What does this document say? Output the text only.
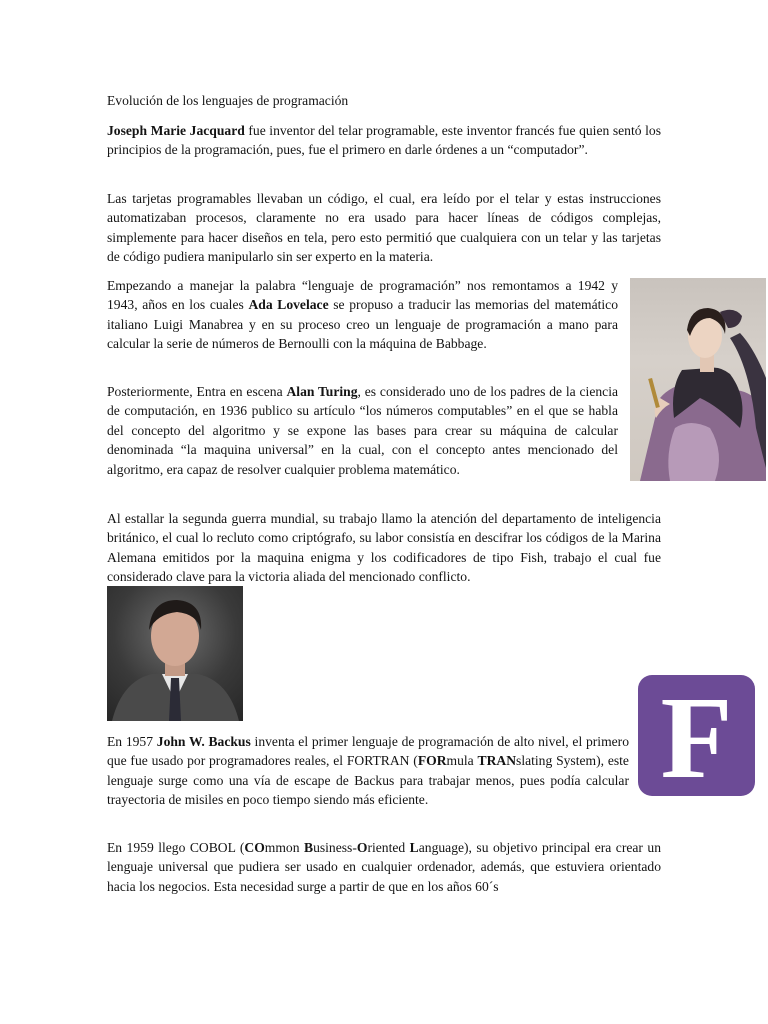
Evolución de los lenguajes de programación

Joseph Marie Jacquard fue inventor del telar programable, este inventor francés fue quien sentó los principios de la programación, pues, fue el primero en darle órdenes a un “computador”.

Las tarjetas programables llevaban un código, el cual, era leído por el telar y estas instrucciones automatizaban procesos, claramente no era usado para hacer líneas de códigos complejas, simplemente para hacer diseños en tela, pero esto permitió que cualquiera con un telar y las tarjetas de código pudiera manipularlo sin ser experto en la materia.

Empezando a manejar la palabra “lenguaje de programación” nos remontamos a 1942 y 1943, años en los cuales Ada Lovelace se propuso a traducir las memorias del matemático italiano Luigi Manabrea y en su proceso creo un lenguaje de programación a mano para calcular la serie de números de Bernoulli con la máquina de Babbage.

Posteriormente, Entra en escena Alan Turing, es considerado uno de los padres de la ciencia de computación, en 1936 publico su artículo “los números computables” en el que se habla del concepto del algoritmo y se expone las bases para crear su máquina de calcular denominada “la maquina universal” en la cual, con el concepto antes mencionado del algoritmo, era capaz de resolver cualquier problema matemático.

Al estallar la segunda guerra mundial, su trabajo llamo la atención del departamento de inteligencia británico, el cual lo recluto como criptógrafo, su labor consistía en descifrar los códigos de la Marina Alemana emitidos por la maquina enigma y los codificadores de tipo Fish, trabajo el cual fue considerado clave para la victoria aliada del mencionado conflicto.

En 1957 John W. Backus inventa el primer lenguaje de programación de alto nivel, el primero que fue usado por programadores reales, el FORTRAN (FORmula TRANslating System), este lenguaje surge como una vía de escape de Backus para trabajar menos, pues podía calcular trayectoria de misiles en poco tiempo siendo más eficiente.

En 1959 llego COBOL (COmmon Business-Oriented Language), su objetivo principal era crear un lenguaje universal que pudiera ser usado en cualquier ordenador, además, que estuviera orientado hacia los negocios. Esta necesidad surge a partir de que en los años 60´s

F
